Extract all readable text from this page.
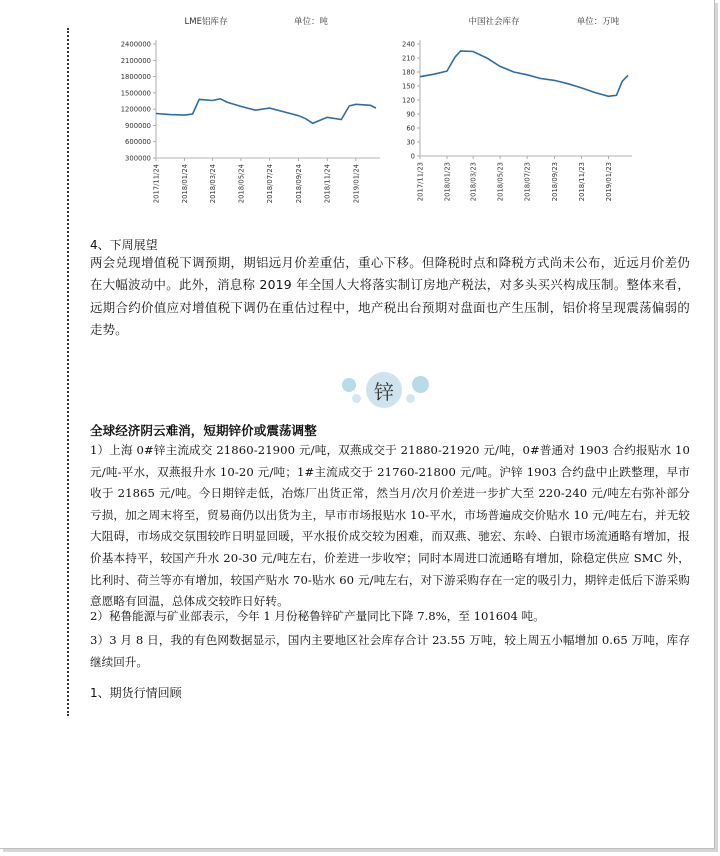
LME铝库存	单位：吨
2400000
2100000
1800000
1500000
1200000
900000
600000
300000
2017/11/24	2018/01/24	2018/03/24	2018/05/24	2018/07/24	2018/09/24	2018/11/24	2019/01/24
中国社会库存	单位：万吨
240
210
180
150
120
90
60
30
0
2017/11/23	2018/01/23	2018/03/23	2018/05/23	2018/07/23	2018/09/23	2018/11/23	2019/01/23
4、下周展望

两会兑现增值税下调预期，期铝远月价差重估，重心下移。但降税时点和降税方式尚未公布，近远月价差仍在大幅波动中。此外，消息称 2019 年全国人大将落实制订房地产税法，对多头买兴构成压制。整体来看，远期合约价值应对增值税下调仍在重估过程中，地产税出台预期对盘面也产生压制，铝价将呈现震荡偏弱的走势。

锌
全球经济阴云难消，短期锌价或震荡调整

1）上海 0#锌主流成交 21860-21900 元/吨，双燕成交于 21880-21920 元/吨，0#普通对 1903 合约报贴水 10 元/吨-平水，双燕报升水 10-20 元/吨；1#主流成交于 21760-21800 元/吨。沪锌 1903 合约盘中止跌整理，早市收于 21865 元/吨。今日期锌走低，冶炼厂出货正常，然当月/次月价差进一步扩大至 220-240 元/吨左右弥补部分亏损，加之周末将至，贸易商仍以出货为主，早市市场报贴水 10-平水，市场普遍成交价贴水 10 元/吨左右，并无较大阻碍，市场成交氛围较昨日明显回暖，平水报价成交较为困难，而双燕、驰宏、东岭、白银市场流通略有增加，报价基本持平，较国产升水 20-30 元/吨左右，价差进一步收窄；同时本周进口流通略有增加，除稳定供应 SMC 外，比利时、荷兰等亦有增加，较国产贴水 70-贴水 60 元/吨左右，对下游采购存在一定的吸引力，期锌走低后下游采购意愿略有回温，总体成交较昨日好转。

2）秘鲁能源与矿业部表示，今年 1 月份秘鲁锌矿产量同比下降 7.8%，至 101604 吨。
3）3 月 8 日，我的有色网数据显示，国内主要地区社会库存合计 23.55 万吨，较上周五小幅增加 0.65 万吨，库存继续回升。
1、期货行情回顾
